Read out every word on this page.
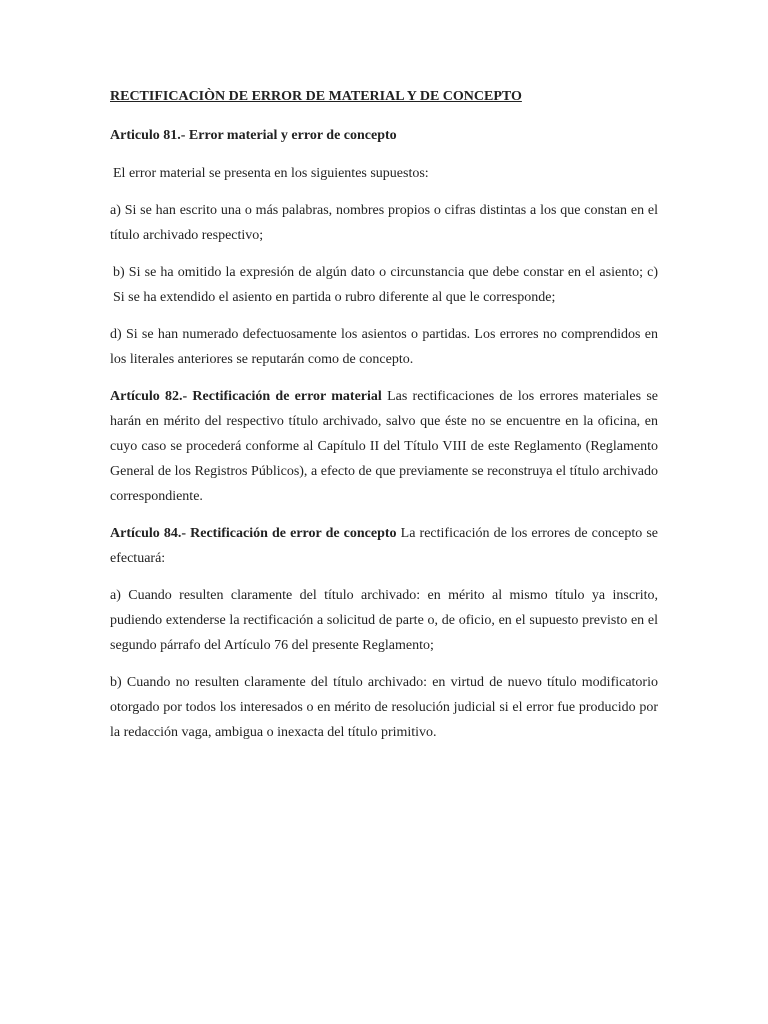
RECTIFICACIÒN DE ERROR DE MATERIAL Y DE CONCEPTO
Articulo 81.- Error material y error de concepto

El error material se presenta en los siguientes supuestos:

a) Si se han escrito una o más palabras, nombres propios o cifras distintas a los que constan en el título archivado respectivo;

b) Si se ha omitido la expresión de algún dato o circunstancia que debe constar en el asiento; c) Si se ha extendido el asiento en partida o rubro diferente al que le corresponde;

d) Si se han numerado defectuosamente los asientos o partidas. Los errores no comprendidos en los literales anteriores se reputarán como de concepto.

Artículo 82.- Rectificación de error material Las rectificaciones de los errores materiales se harán en mérito del respectivo título archivado, salvo que éste no se encuentre en la oficina, en cuyo caso se procederá conforme al Capítulo II del Título VIII de este Reglamento (Reglamento General de los Registros Públicos), a efecto de que previamente se reconstruya el título archivado correspondiente.

Artículo 84.- Rectificación de error de concepto La rectificación de los errores de concepto se efectuará:

a) Cuando resulten claramente del título archivado: en mérito al mismo título ya inscrito, pudiendo extenderse la rectificación a solicitud de parte o, de oficio, en el supuesto previsto en el segundo párrafo del Artículo 76 del presente Reglamento;

b) Cuando no resulten claramente del título archivado: en virtud de nuevo título modificatorio otorgado por todos los interesados o en mérito de resolución judicial si el error fue producido por la redacción vaga, ambigua o inexacta del título primitivo.
